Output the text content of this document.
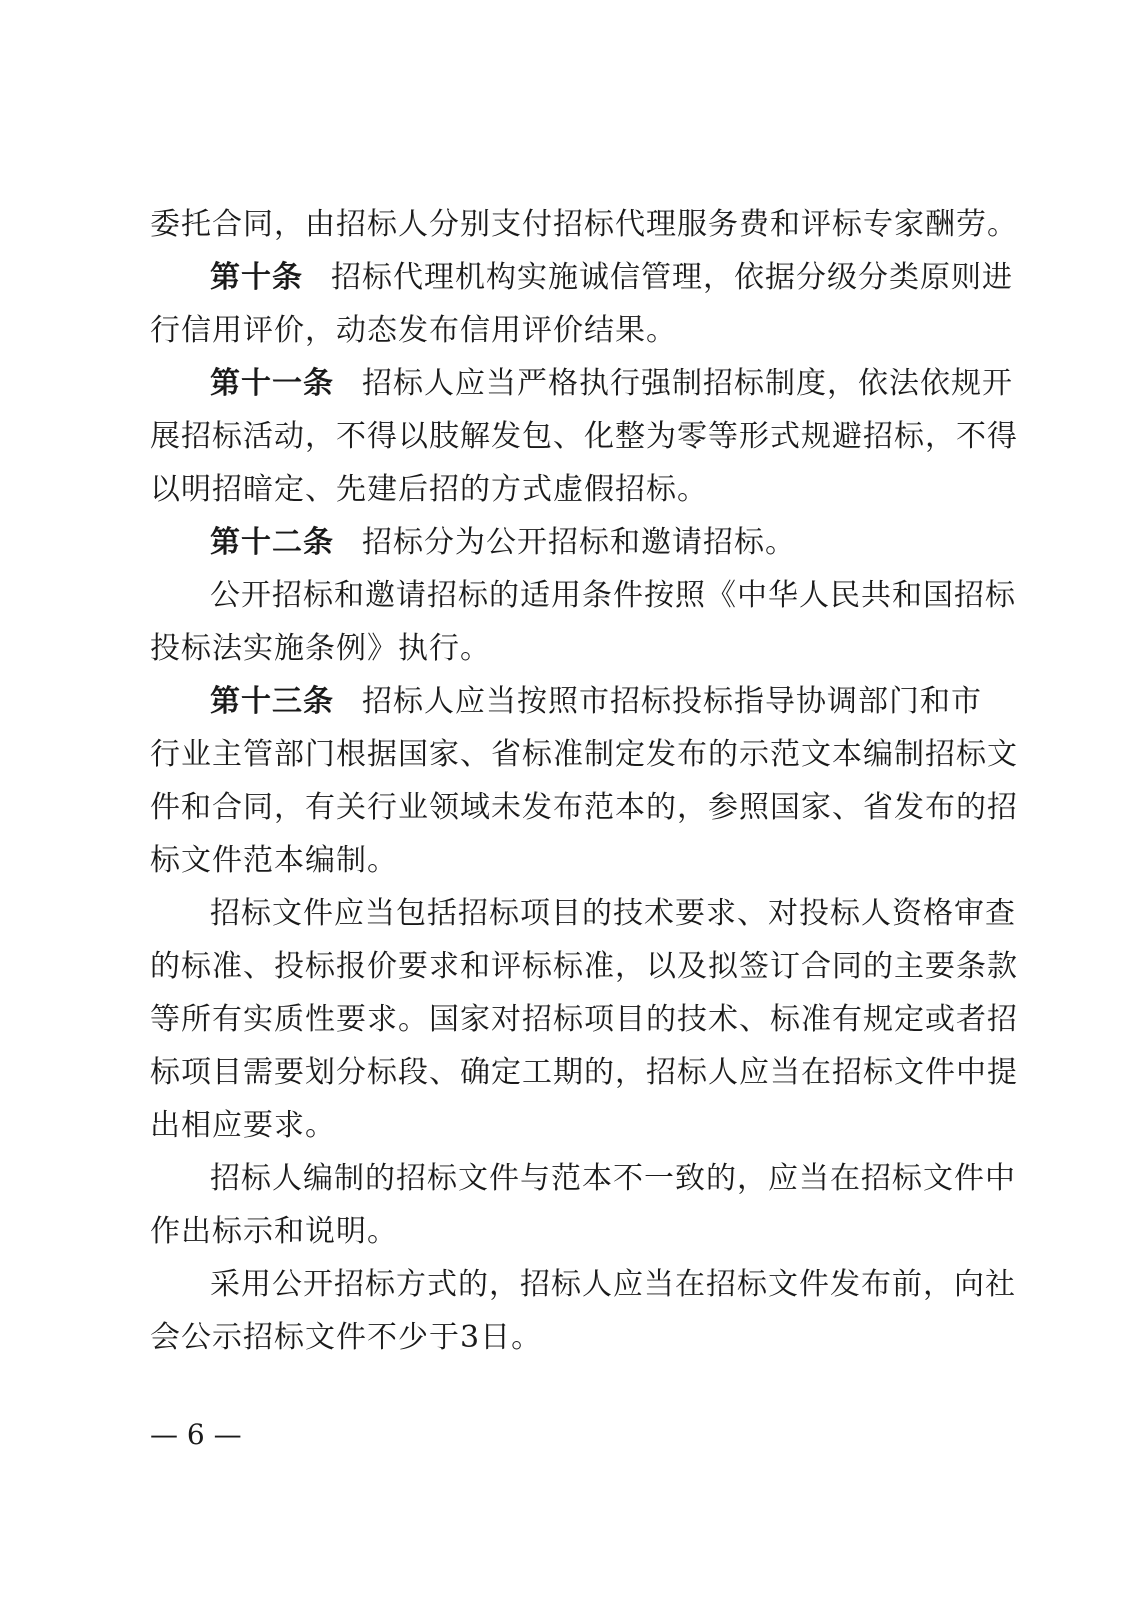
委托合同，由招标人分别支付招标代理服务费和评标专家酬劳。
第十条 招标代理机构实施诚信管理，依据分级分类原则进
行信用评价，动态发布信用评价结果。
第十一条 招标人应当严格执行强制招标制度，依法依规开
展招标活动，不得以肢解发包、化整为零等形式规避招标，不得
以明招暗定、先建后招的方式虚假招标。
第十二条 招标分为公开招标和邀请招标。
公开招标和邀请招标的适用条件按照《中华人民共和国招标
投标法实施条例》执行。
第十三条 招标人应当按照市招标投标指导协调部门和市
行业主管部门根据国家、省标准制定发布的示范文本编制招标文
件和合同，有关行业领域未发布范本的，参照国家、省发布的招
标文件范本编制。
招标文件应当包括招标项目的技术要求、对投标人资格审查
的标准、投标报价要求和评标标准，以及拟签订合同的主要条款
等所有实质性要求。国家对招标项目的技术、标准有规定或者招
标项目需要划分标段、确定工期的，招标人应当在招标文件中提
出相应要求。
招标人编制的招标文件与范本不一致的，应当在招标文件中
作出标示和说明。
采用公开招标方式的，招标人应当在招标文件发布前，向社
会公示招标文件不少于3日。
— 6 —
